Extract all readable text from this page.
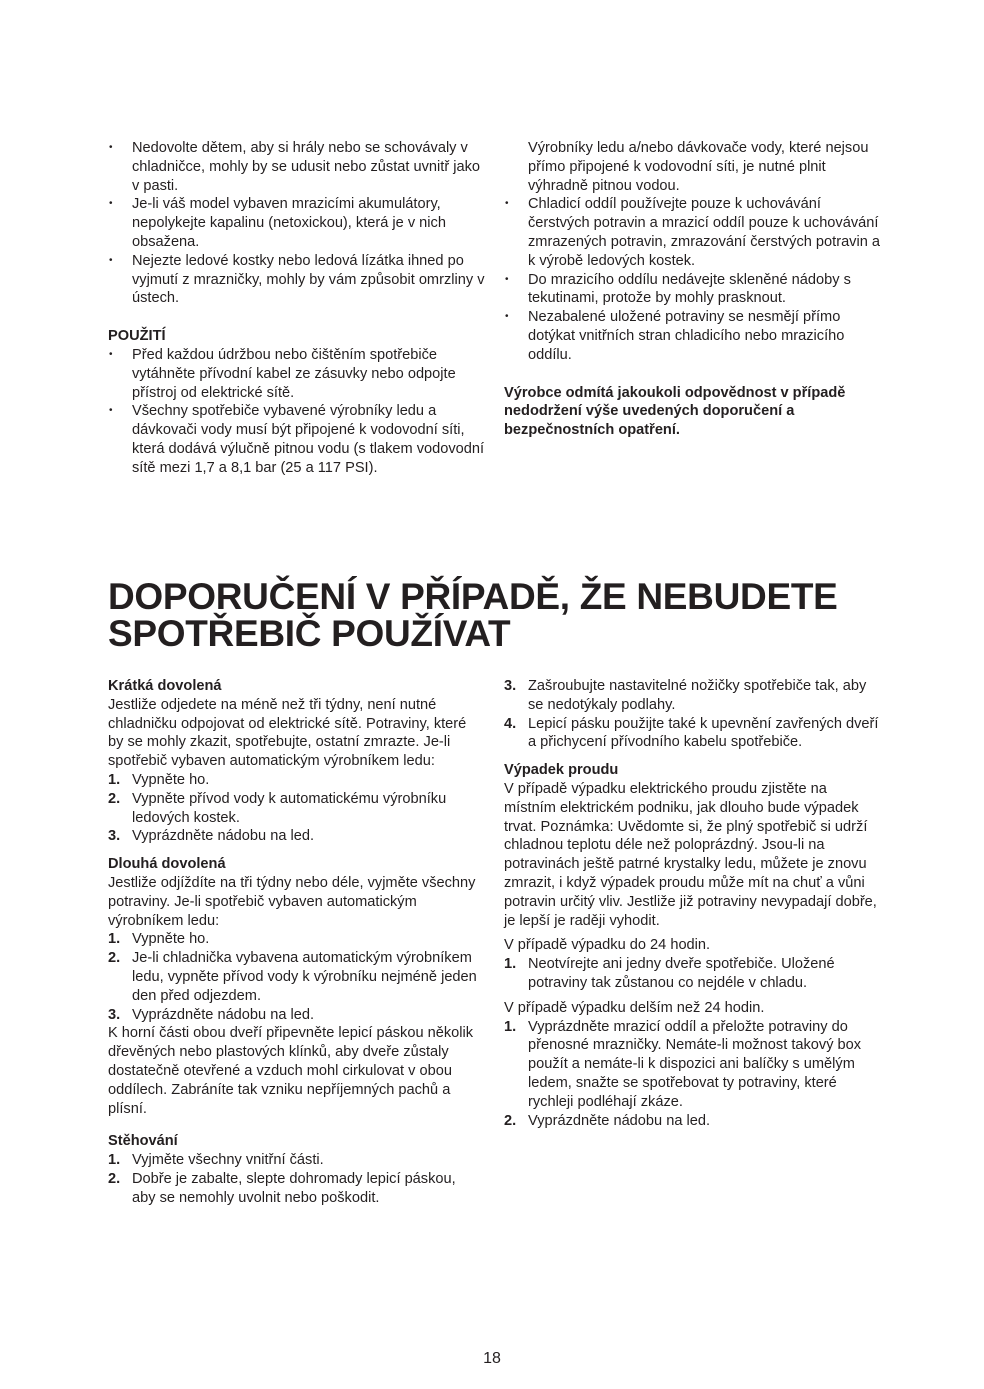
• Nedovolte dětem, aby si hrály nebo se schovávaly v chladničce, mohly by se udusit nebo zůstat uvnitř jako v pasti.
• Je-li váš model vybaven mrazicími akumulátory, nepolykejte kapalinu (netoxickou), která je v nich obsažena.
• Nejezte ledové kostky nebo ledová lízátka ihned po vyjmutí z mrazničky, mohly by vám způsobit omrzliny v ústech.
POUŽITÍ
• Před každou údržbou nebo čištěním spotřebiče vytáhněte přívodní kabel ze zásuvky nebo odpojte přístroj od elektrické sítě.
• Všechny spotřebiče vybavené výrobníky ledu a dávkovači vody musí být připojené k vodovodní síti, která dodává výlučně pitnou vodu (s tlakem vodovodní sítě mezi 1,7 a 8,1 bar (25 a 117 PSI).
Výrobníky ledu a/nebo dávkovače vody, které nejsou přímo připojené k vodovodní síti, je nutné plnit výhradně pitnou vodou.
• Chladicí oddíl používejte pouze k uchovávání čerstvých potravin a mrazicí oddíl pouze k uchovávání zmrazených potravin, zmrazování čerstvých potravin a k výrobě ledových kostek.
• Do mrazicího oddílu nedávejte skleněné nádoby s tekutinami, protože by mohly prasknout.
• Nezabalené uložené potraviny se nesmějí přímo dotýkat vnitřních stran chladicího nebo mrazicího oddílu.
Výrobce odmítá jakoukoli odpovědnost v případě nedodržení výše uvedených doporučení a bezpečnostních opatření.
DOPORUČENÍ V PŘÍPADĚ, ŽE NEBUDETE
SPOTŘEBIČ POUŽÍVAT
Krátká dovolená
Jestliže odjedete na méně než tři týdny, není nutné chladničku odpojovat od elektrické sítě. Potraviny, které by se mohly zkazit, spotřebujte, ostatní zmrazte. Je-li spotřebič vybaven automatickým výrobníkem ledu:
1. Vypněte ho.
2. Vypněte přívod vody k automatickému výrobníku ledových kostek.
3. Vyprázdněte nádobu na led.
Dlouhá dovolená
Jestliže odjíždíte na tři týdny nebo déle, vyjměte všechny potraviny. Je-li spotřebič vybaven automatickým výrobníkem ledu:
1. Vypněte ho.
2. Je-li chladnička vybavena automatickým výrobníkem ledu, vypněte přívod vody k výrobníku nejméně jeden den před odjezdem.
3. Vyprázdněte nádobu na led.
K horní části obou dveří připevněte lepicí páskou několik dřevěných nebo plastových klínků, aby dveře zůstaly dostatečně otevřené a vzduch mohl cirkulovat v obou oddílech. Zabráníte tak vzniku nepříjemných pachů a plísní.
Stěhování
1. Vyjměte všechny vnitřní části.
2. Dobře je zabalte, slepte dohromady lepicí páskou, aby se nemohly uvolnit nebo poškodit.
3. Zašroubujte nastavitelné nožičky spotřebiče tak, aby se nedotýkaly podlahy.
4. Lepicí pásku použijte také k upevnění zavřených dveří a přichycení přívodního kabelu spotřebiče.
Výpadek proudu
V případě výpadku elektrického proudu zjistěte na místním elektrickém podniku, jak dlouho bude výpadek trvat. Poznámka: Uvědomte si, že plný spotřebič si udrží chladnou teplotu déle než poloprázdný. Jsou-li na potravinách ještě patrné krystalky ledu, můžete je znovu zmrazit, i když výpadek proudu může mít na chuť a vůni potravin určitý vliv. Jestliže již potraviny nevypadají dobře, je lepší je raději vyhodit.
V případě výpadku do 24 hodin.
1. Neotvírejte ani jedny dveře spotřebiče. Uložené potraviny tak zůstanou co nejdéle v chladu.
V případě výpadku delším než 24 hodin.
1. Vyprázdněte mrazicí oddíl a přeložte potraviny do přenosné mrazničky. Nemáte-li možnost takový box použít a nemáte-li k dispozici ani balíčky s umělým ledem, snažte se spotřebovat ty potraviny, které rychleji podléhají zkáze.
2. Vyprázdněte nádobu na led.
18
